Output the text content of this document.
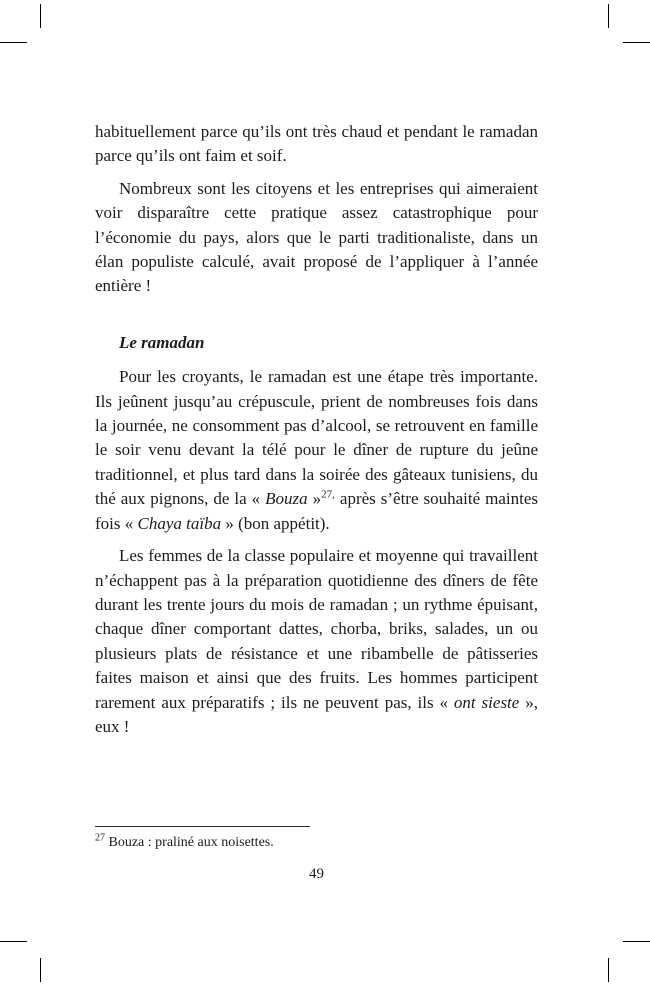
habituellement parce qu’ils ont très chaud et pendant le ramadan parce qu’ils ont faim et soif.

Nombreux sont les citoyens et les entreprises qui aimeraient voir disparaître cette pratique assez catastrophique pour l’économie du pays, alors que le parti traditionaliste, dans un élan populiste calculé, avait proposé de l’appliquer à l’année entière !

Le ramadan

Pour les croyants, le ramadan est une étape très importante. Ils jeûnent jusqu’au crépuscule, prient de nombreuses fois dans la journée, ne consomment pas d’alcool, se retrouvent en famille le soir venu devant la télé pour le dîner de rupture du jeûne traditionnel, et plus tard dans la soirée des gâteaux tunisiens, du thé aux pignons, de la « Bouza »$^{27,}$ après s’être souhaité maintes fois « Chaya taïba » (bon appétit).

Les femmes de la classe populaire et moyenne qui travaillent n’échappent pas à la préparation quotidienne des dîners de fête durant les trente jours du mois de ramadan ; un rythme épuisant, chaque dîner comportant dattes, chorba, briks, salades, un ou plusieurs plats de résistance et une ribambelle de pâtisseries faites maison et ainsi que des fruits. Les hommes participent rarement aux préparatifs ; ils ne peuvent pas, ils « ont sieste », eux !

$^{27}$ Bouza : praliné aux noisettes.
49
